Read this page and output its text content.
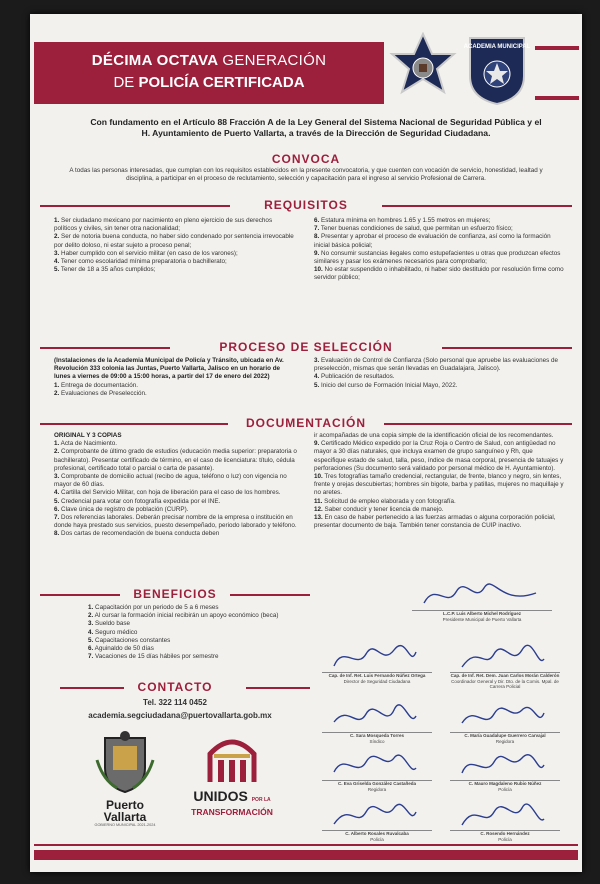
DÉCIMA OCTAVA GENERACIÓN
DE POLICÍA CERTIFICADA
ACADEMIA MUNICIPAL
Con fundamento en el Artículo 88 Fracción A de la Ley General del Sistema Nacional de Seguridad Pública y el H. Ayuntamiento de Puerto Vallarta, a través de la Dirección de Seguridad Ciudadana.
CONVOCA
A todas las personas interesadas, que cumplan con los requisitos establecidos en la presente convocatoria, y que cuenten con vocación de servicio, honestidad, lealtad y disciplina, a participar en el proceso de reclutamiento, selección y capacitación para el ingreso al servicio Profesional de Carrera.
REQUISITOS
1. Ser ciudadano mexicano por nacimiento en pleno ejercicio de sus derechos políticos y civiles, sin tener otra nacionalidad;
2. Ser de notoria buena conducta, no haber sido condenado por sentencia irrevocable por delito doloso, ni estar sujeto a proceso penal;
3. Haber cumplido con el servicio militar (en caso de los varones);
4. Tener como escolaridad mínima preparatoria o bachillerato;
5. Tener de 18 a 35 años cumplidos;
6. Estatura mínima en hombres 1.65 y 1.55 metros en mujeres;
7. Tener buenas condiciones de salud, que permitan un esfuerzo físico;
8. Presentar y aprobar el proceso de evaluación de confianza, así como la formación inicial básica policial;
9. No consumir sustancias ilegales como estupefacientes u otras que produzcan efectos similares y pasar los exámenes necesarios para comprobarlo;
10. No estar suspendido o inhabilitado, ni haber sido destituido por resolución firme como servidor público;
PROCESO DE SELECCIÓN
(Instalaciones de la Academia Municipal de Policía y Tránsito, ubicada en Av. Revolución 333 colonia las Juntas, Puerto Vallarta, Jalisco en un horario de lunes a viernes de 09:00 a 15:00 horas, a partir del 17 de enero del 2022)
1. Entrega de documentación.
2. Evaluaciones de Preselección.
3. Evaluación de Control de Confianza (Solo personal que apruebe las evaluaciones de preselección, mismas que serán llevadas en Guadalajara, Jalisco).
4. Publicación de resultados.
5. Inicio del curso de Formación Inicial Mayo, 2022.
DOCUMENTACIÓN
ORIGINAL Y 3 COPIAS
1. Acta de Nacimiento.
2. Comprobante de último grado de estudios (educación media superior: preparatoria o bachillerato). Presentar certificado de término, en el caso de licenciatura: título, cédula profesional, certificado total o parcial o carta de pasante).
3. Comprobante de domicilio actual (recibo de agua, teléfono o luz) con vigencia no mayor de 60 días.
4. Cartilla del Servicio Militar, con hoja de liberación para el caso de los hombres.
5. Credencial para votar con fotografía expedida por el INE.
6. Clave única de registro de población (CURP).
7. Dos referencias laborales. Deberán precisar nombre de la empresa o institución en donde haya prestado sus servicios, puesto desempeñado, periodo laborado y teléfono.
8. Dos cartas de recomendación de buena conducta deben
ir acompañadas de una copia simple de la identificación oficial de los recomendantes.
9. Certificado Médico expedido por la Cruz Roja o Centro de Salud, con antigüedad no mayor a 30 días naturales, que incluya examen de grupo sanguíneo y Rh, que especifique estado de salud, talla, peso, índice de masa corporal, presencia de tatuajes y perforaciones (Su documento será validado por personal médico de H. Ayuntamiento).
10. Tres fotografías tamaño credencial, rectangular, de frente, blanco y negro, sin lentes, frente y orejas descubiertas; hombres sin bigote, barba y patillas, mujeres no maquillaje y no aretes.
11. Solicitud de empleo elaborada y con fotografía.
12. Saber conducir y tener licencia de manejo.
13. En caso de haber pertenecido a las fuerzas armadas o alguna corporación policial, presentar documento de baja. También tener constancia de CUIP inactivo.
BENEFICIOS
1. Capacitación por un periodo de 5 a 6 meses
2. Al cursar la formación inicial recibirán un apoyo económico (beca)
3. Sueldo base
4. Seguro médico
5. Capacitaciones constantes
6. Aguinaldo de 50 días
7. Vacaciones de 15 días hábiles por semestre
CONTACTO
Tel. 322 114 0452
academia.segciudadana@puertovallarta.gob.mx
Puerto
Vallarta
GOBIERNO MUNICIPAL 2021-2024
UNIDOS POR LA
TRANSFORMACIÓN
L.C.P. Luis Alberto Michel Rodríguez
Presidente Municipal de Puerto Vallarta
Cap. de Inf. Ret. Luis Fernando Núñez Ortega
Director de Seguridad Ciudadana
Cap. de Inf. Ret. Dem. Juan Carlos Morán Calderón
Coordinador General y Dir. Dto. de la Comis. Mpal. de Carrera Policial
C. Sara Mosqueda Torres
Síndico
C. María Guadalupe Guerrero Carvajal
Regidora
C. Eva Griselda González Castañeda
Regidora
C. Mauro Magdaleno Rubio Núñez
Policía
C. Alberto Rosales Ruvalcaba
Policía
C. Rosendo Hernández
Policía
